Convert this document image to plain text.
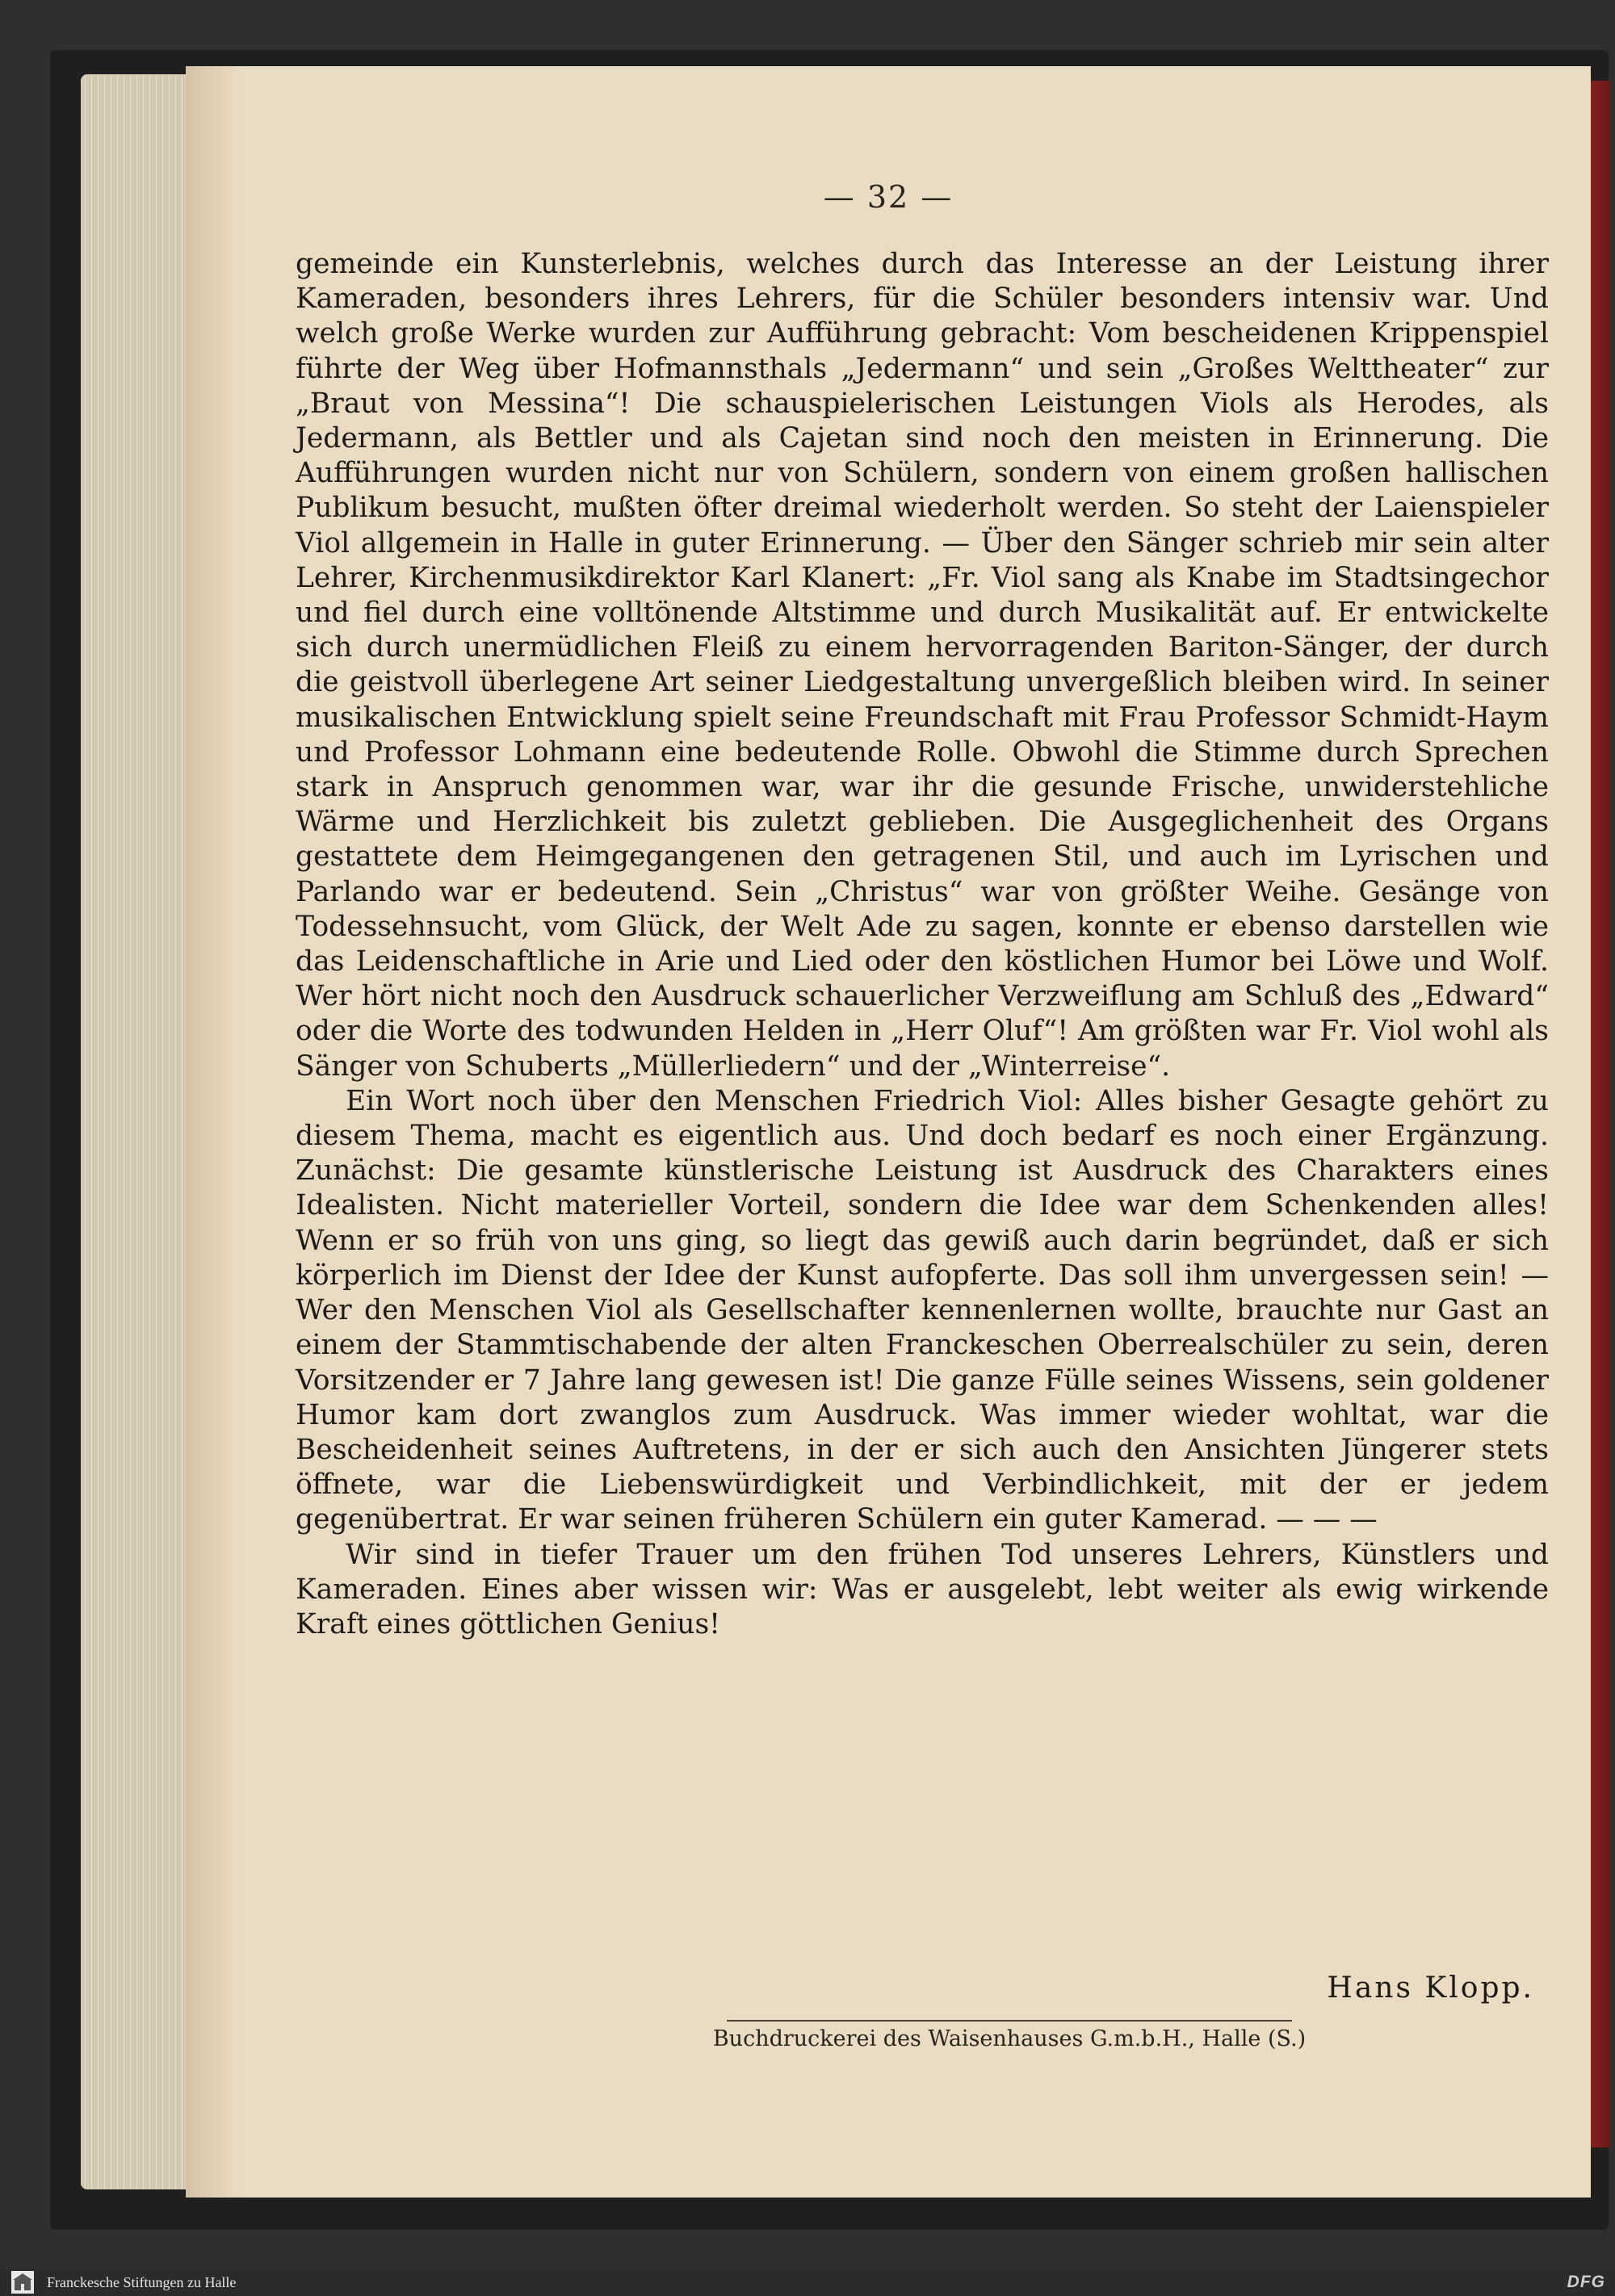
— 32 —

gemeinde ein Kunsterlebnis, welches durch das Interesse an der Leistung ihrer Kameraden, besonders ihres Lehrers, für die Schüler besonders intensiv war. Und welch große Werke wurden zur Aufführung gebracht: Vom bescheidenen Krippenspiel führte der Weg über Hofmannsthals „Jedermann“ und sein „Großes Welttheater“ zur „Braut von Messina“! Die schauspielerischen Leistungen Viols als Herodes, als Jedermann, als Bettler und als Cajetan sind noch den meisten in Erinnerung. Die Aufführungen wurden nicht nur von Schülern, sondern von einem großen hallischen Publikum besucht, mußten öfter dreimal wiederholt werden. So steht der Laienspieler Viol allgemein in Halle in guter Erinnerung. — Über den Sänger schrieb mir sein alter Lehrer, Kirchenmusikdirektor Karl Klanert: „Fr. Viol sang als Knabe im Stadtsingechor und fiel durch eine volltönende Altstimme und durch Musikalität auf. Er entwickelte sich durch unermüdlichen Fleiß zu einem hervorragenden Bariton-Sänger, der durch die geistvoll überlegene Art seiner Liedgestaltung unvergeßlich bleiben wird. In seiner musikalischen Entwicklung spielt seine Freundschaft mit Frau Professor Schmidt-Haym und Professor Lohmann eine bedeutende Rolle. Obwohl die Stimme durch Sprechen stark in Anspruch genommen war, war ihr die gesunde Frische, unwiderstehliche Wärme und Herzlichkeit bis zuletzt geblieben. Die Ausgeglichenheit des Organs gestattete dem Heimgegangenen den getragenen Stil, und auch im Lyrischen und Parlando war er bedeutend. Sein „Christus“ war von größter Weihe. Gesänge von Todessehnsucht, vom Glück, der Welt Ade zu sagen, konnte er ebenso darstellen wie das Leidenschaftliche in Arie und Lied oder den köstlichen Humor bei Löwe und Wolf. Wer hört nicht noch den Ausdruck schauerlicher Verzweiflung am Schluß des „Edward“ oder die Worte des todwunden Helden in „Herr Oluf“! Am größten war Fr. Viol wohl als Sänger von Schuberts „Müllerliedern“ und der „Winterreise“.

Ein Wort noch über den Menschen Friedrich Viol: Alles bisher Gesagte gehört zu diesem Thema, macht es eigentlich aus. Und doch bedarf es noch einer Ergänzung. Zunächst: Die gesamte künstlerische Leistung ist Ausdruck des Charakters eines Idealisten. Nicht materieller Vorteil, sondern die Idee war dem Schenkenden alles! Wenn er so früh von uns ging, so liegt das gewiß auch darin begründet, daß er sich körperlich im Dienst der Idee der Kunst aufopferte. Das soll ihm unvergessen sein! — Wer den Menschen Viol als Gesellschafter kennenlernen wollte, brauchte nur Gast an einem der Stammtischabende der alten Franckeschen Oberrealschüler zu sein, deren Vorsitzender er 7 Jahre lang gewesen ist! Die ganze Fülle seines Wissens, sein goldener Humor kam dort zwanglos zum Ausdruck. Was immer wieder wohltat, war die Bescheidenheit seines Auftretens, in der er sich auch den Ansichten Jüngerer stets öffnete, war die Liebenswürdigkeit und Verbindlichkeit, mit der er jedem gegenübertrat. Er war seinen früheren Schülern ein guter Kamerad. — — —

Wir sind in tiefer Trauer um den frühen Tod unseres Lehrers, Künstlers und Kameraden. Eines aber wissen wir: Was er ausgelebt, lebt weiter als ewig wirkende Kraft eines göttlichen Genius!

Hans Klopp.
Buchdruckerei des Waisenhauses G.m.b.H., Halle (S.)
Franckesche Stiftungen zu Halle	DFG
